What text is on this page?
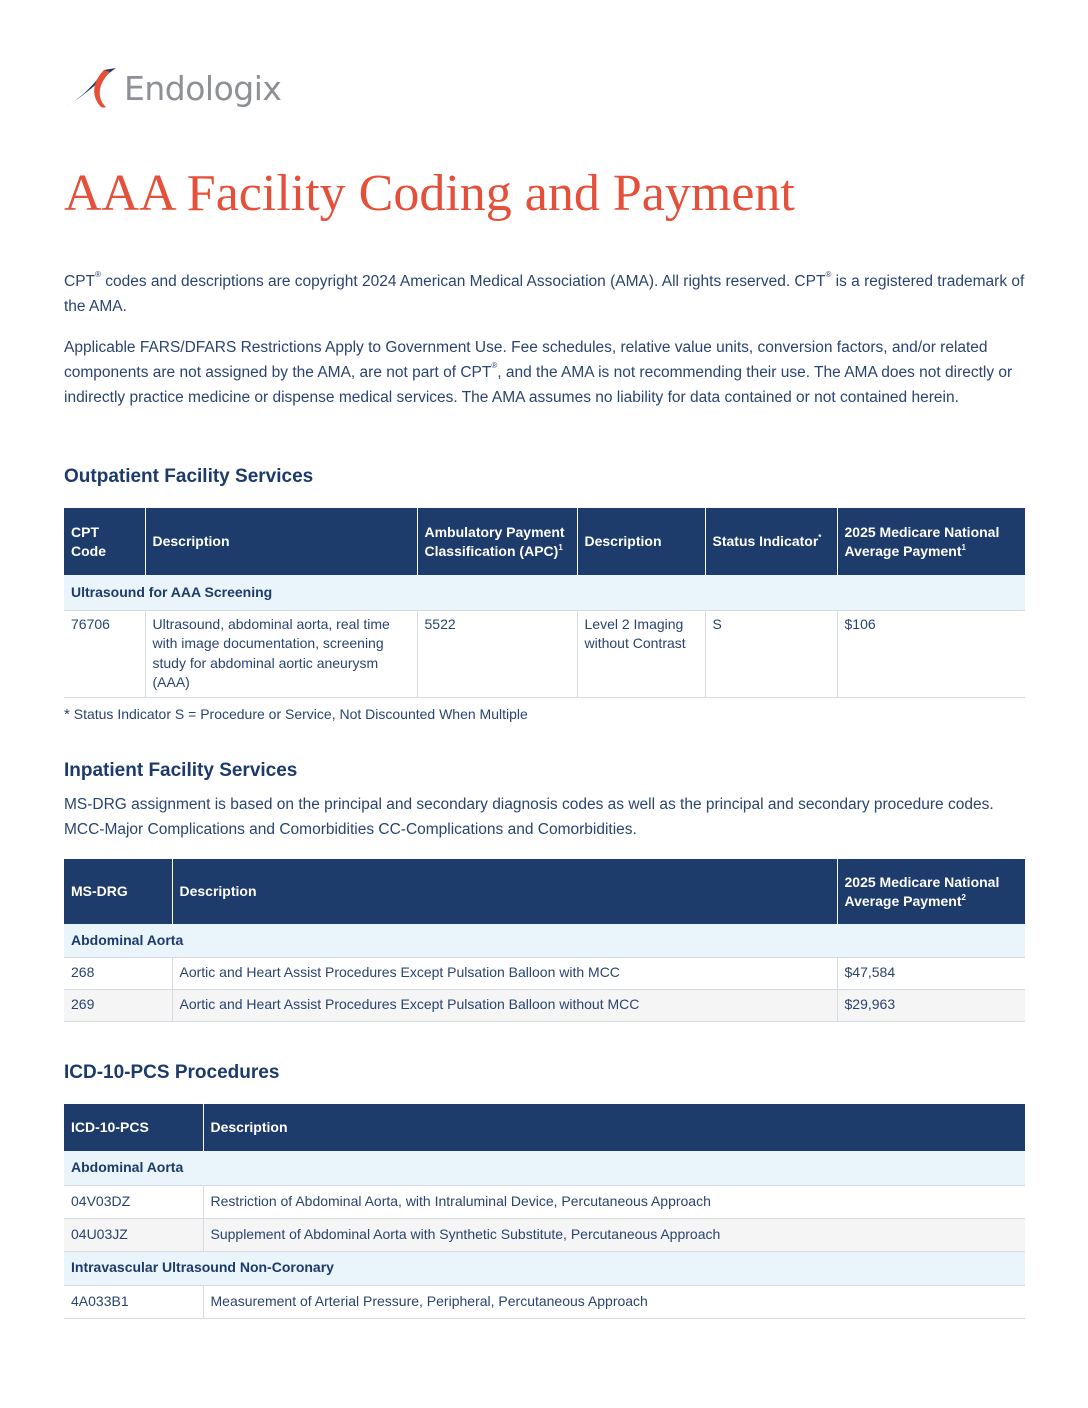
Endologix
AAA Facility Coding and Payment

CPT® codes and descriptions are copyright 2024 American Medical Association (AMA). All rights reserved. CPT® is a registered trademark of the AMA.

Applicable FARS/DFARS Restrictions Apply to Government Use. Fee schedules, relative value units, conversion factors, and/or related components are not assigned by the AMA, are not part of CPT®, and the AMA is not recommending their use. The AMA does not directly or indirectly practice medicine or dispense medical services. The AMA assumes no liability for data contained or not contained herein.

Outpatient Facility Services
CPT Code	Description	Ambulatory Payment Classification (APC)$^1$	Description	Status Indicator*	2025 Medicare National Average Payment$^1$
Ultrasound for AAA Screening					
76706	Ultrasound, abdominal aorta, real time with image documentation, screening study for abdominal aortic aneurysm (AAA)	5522	Level 2 Imaging without Contrast	S	$106
* Status Indicator S = Procedure or Service, Not Discounted When Multiple
Inpatient Facility Services

MS-DRG assignment is based on the principal and secondary diagnosis codes as well as the principal and secondary procedure codes. MCC-Major Complications and Comorbidities CC-Complications and Comorbidities.

MS-DRG	Description	2025 Medicare National Average Payment$^2$
Abdominal Aorta		
268	Aortic and Heart Assist Procedures Except Pulsation Balloon with MCC	$47,584
269	Aortic and Heart Assist Procedures Except Pulsation Balloon without MCC	$29,963
ICD-10-PCS Procedures
ICD-10-PCS	Description
Abdominal Aorta	
04V03DZ	Restriction of Abdominal Aorta, with Intraluminal Device, Percutaneous Approach
04U03JZ	Supplement of Abdominal Aorta with Synthetic Substitute, Percutaneous Approach
Intravascular Ultrasound Non-Coronary	
4A033B1	Measurement of Arterial Pressure, Peripheral, Percutaneous Approach
